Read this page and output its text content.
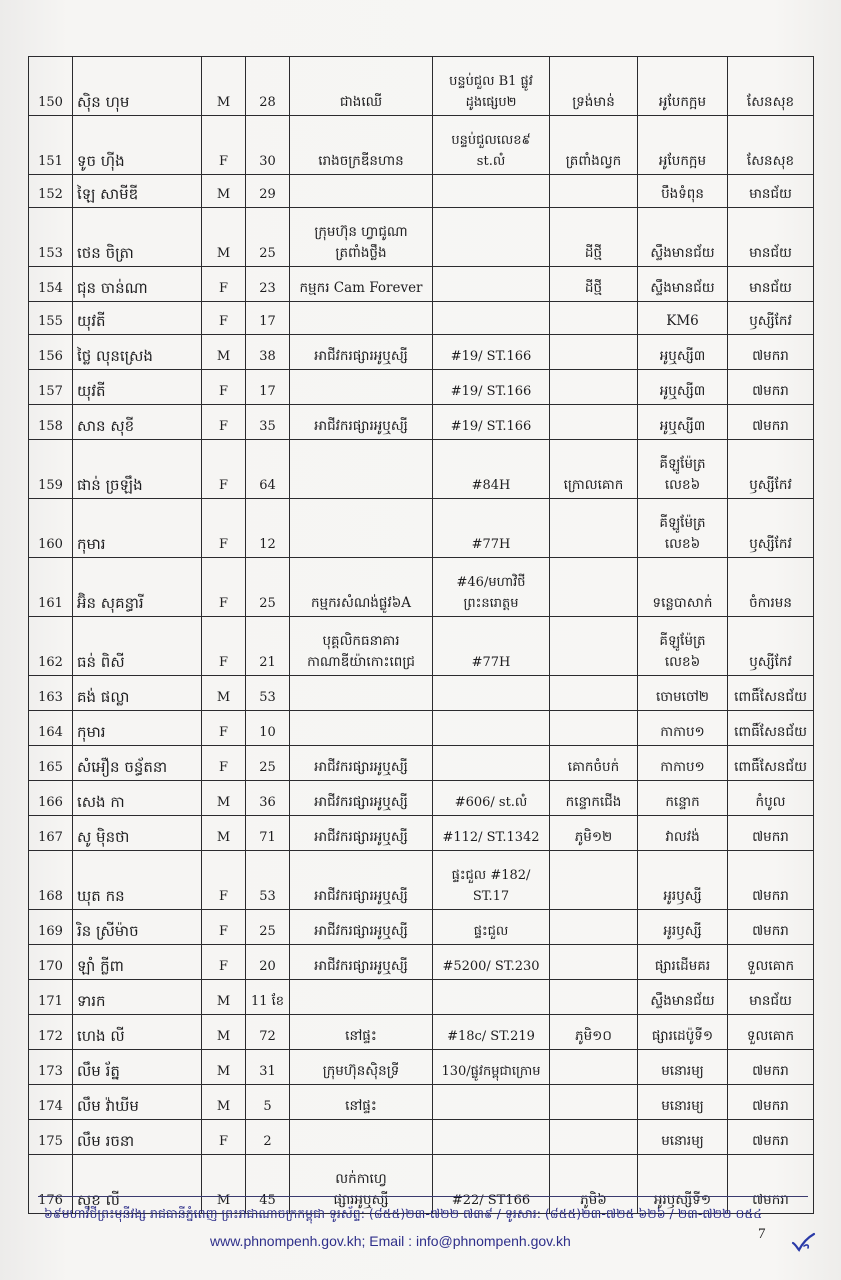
150	ស៊ិន ហុម	M	28	ជាងឈើ	បន្ទប់ជួល B1 ផ្លូវ
ដូងផ្សេប២	ទ្រង់មាន់	អូបែកក្អម	សែនសុខ

151	ទូច ហ៊ីង	F	30	រោងចក្រឌីនហាន	បន្ទប់ជួលលេខ៩
st.លំ	ត្រពាំងល្វក	អូបែកក្អម	សែនសុខ

152	ឡៃ សាមីឌី	M	29				បឹងទំពុន	មានជ័យ

153	ថេន ចិត្រា	M	25	ក្រុមហ៊ុន ហ្វាជូណា
ត្រពាំងថ្លឹង		ដីថ្មី	ស្ទឹងមានជ័យ	មានជ័យ

154	ជុន ចាន់ណា	F	23	កម្មករ Cam Forever		ដីថ្មី	ស្ទឹងមានជ័យ	មានជ័យ

155	យុវតី	F	17				KM6	ឫស្សីកែវ

156	ថ្លៃ លុនស្រេង	M	38	អាជីវករផ្សារអូឬស្សី	#19/ ST.166		អូឬស្សី៣	៧មករា

157	យុវតី	F	17		#19/ ST.166		អូឬស្សី៣	៧មករា

158	សាន សុខី	F	35	អាជីវករផ្សារអូឬស្សី	#19/ ST.166		អូឬស្សី៣	៧មករា

159	ផាន់ ច្រឡឹង	F	64		#84H	ក្រោលគោក	គីឡូម៉ែត្រ
លេខ៦	ឫស្សីកែវ

160	កុមារ	F	12		#77H		គីឡូម៉ែត្រ
លេខ៦	ឫស្សីកែវ

161	អ៊ិន សុគន្ធារី	F	25	កម្មករសំណង់ផ្លូវ៦A	#46/មហាវិថី
ព្រះនរោត្តម		ទន្លេបាសាក់	ចំការមន

162	ធន់ ពិសី	F	21	បុគ្គលិកធនាគារ
កាណាឌីយ៉ាកោះពេជ្រ	#77H		គីឡូម៉ែត្រ
លេខ៦	ឫស្សីកែវ

163	គង់ ផល្លា	M	53				ចោមចៅ២	ពោធិ៍សែនជ័យ

164	កុមារ	F	10				កាកាប១	ពោធិ៍សែនជ័យ

165	សំអឿន ចន្ធ័តនា	F	25	អាជីវករផ្សារអូឬស្សី		គោកចំបក់	កាកាប១	ពោធិ៍សែនជ័យ

166	សេង កា	M	36	អាជីវករផ្សារអូឬស្សី	#606/ st.លំ	កន្ទោកជើង	កន្ទោក	កំបូល

167	សូ មុិនថា	M	71	អាជីវករផ្សារអូឬស្សី	#112/ ST.1342	ភូមិ១២	វាលវង់	៧មករា

168	ឃុត កន	F	53	អាជីវករផ្សារអូឬស្សី	ផ្ទះជួល #182/
ST.17		អូរឫស្សី	៧មករា

169	រិន ស្រីម៉ាច	F	25	អាជីវករផ្សារអូឬស្សី	ផ្ទះជួល		អូរឫស្សី	៧មករា

170	ឡាំ ក្លីពា	F	20	អាជីវករផ្សារអូឬស្សី	#5200/ ST.230		ផ្សារដើមគរ	ទួលគោក

171	ទារក	M	11 ខែ				ស្ទឹងមានជ័យ	មានជ័យ

172	ហេង លី	M	72	នៅផ្ទះ	#18c/ ST.219	ភូមិ១០	ផ្សារដេប៉ូទី១	ទួលគោក

173	លឹម រ័ត្ន	M	31	ក្រុមហ៊ុនសុិនទ្រី	130/ផ្លូវកម្ពុជាក្រោម		មនោរម្យ	៧មករា

174	លឹម វ៉ាឃីម	M	5	នៅផ្ទះ			មនោរម្យ	៧មករា

175	លឹម រចនា	F	2				មនោរម្យ	៧មករា

176	សុខ លី	M	45	លក់កាហ្វេ
ផ្សារអូឬស្សី	#22/ ST166	ភូមិ៦	អូរឫស្សីទី១	៧មករា
៦៩មហាវិថីព្រះមុនីវង្ស រាជធានីភ្នំពេញ ព្រះរាជាណាចក្រកម្ពុជា ទូរស័ព្ទ: (៨៥៥)២៣-៧២២ ៧៣៩ / ទូរសារ: (៨៥៥)២៣-៧២៥ ៦២៦ / ២៣-៧២២ ០៥៤
www.phnompenh.gov.kh; Email : info@phnompenh.gov.kh	7
